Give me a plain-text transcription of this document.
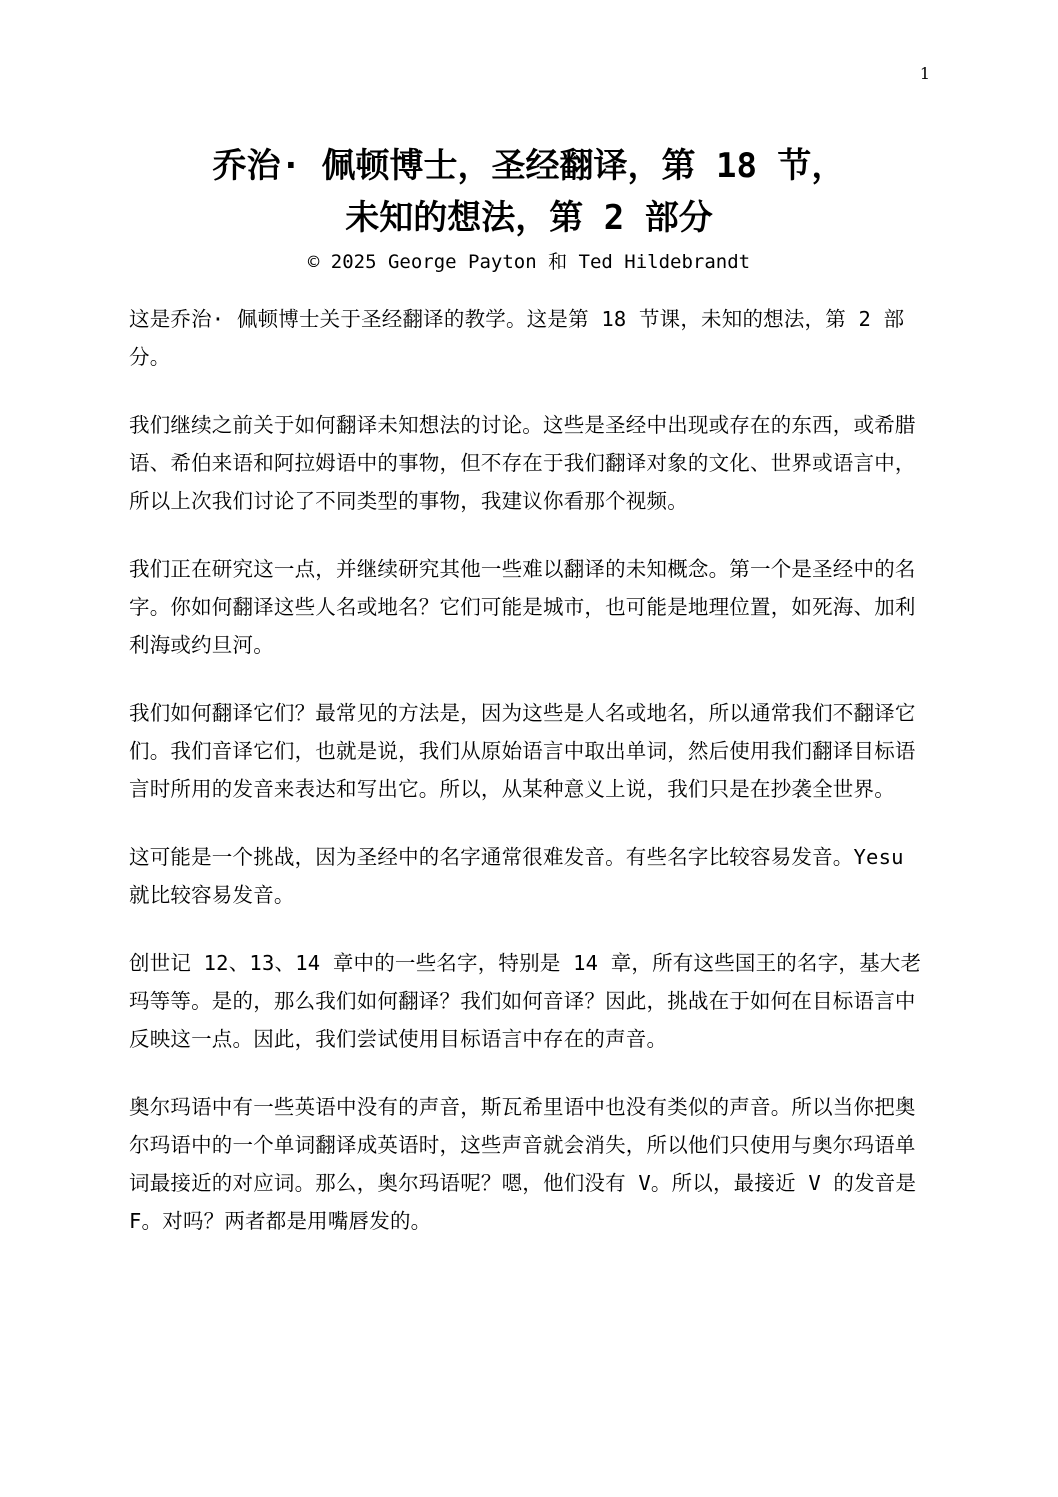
1

乔治· 佩顿博士，圣经翻译，第 18 节，

未知的想法，第 2 部分

© 2025 George Payton 和 Ted Hildebrandt

这是乔治· 佩顿博士关于圣经翻译的教学。这是第 18 节课，未知的想法，第 2 部分。

我们继续之前关于如何翻译未知想法的讨论。这些是圣经中出现或存在的东西，或希腊语、希伯来语和阿拉姆语中的事物，但不存在于我们翻译对象的文化、世界或语言中，所以上次我们讨论了不同类型的事物，我建议你看那个视频。

我们正在研究这一点，并继续研究其他一些难以翻译的未知概念。第一个是圣经中的名字。你如何翻译这些人名或地名？它们可能是城市，也可能是地理位置，如死海、加利利海或约旦河。

我们如何翻译它们？最常见的方法是，因为这些是人名或地名，所以通常我们不翻译它们。我们音译它们，也就是说，我们从原始语言中取出单词，然后使用我们翻译目标语言时所用的发音来表达和写出它。所以，从某种意义上说，我们只是在抄袭全世界。

这可能是一个挑战，因为圣经中的名字通常很难发音。有些名字比较容易发音。Yesu 就比较容易发音。

创世记 12、13、14 章中的一些名字，特别是 14 章，所有这些国王的名字，基大老玛等等。是的，那么我们如何翻译？我们如何音译？因此，挑战在于如何在目标语言中反映这一点。因此，我们尝试使用目标语言中存在的声音。

奥尔玛语中有一些英语中没有的声音，斯瓦希里语中也没有类似的声音。所以当你把奥尔玛语中的一个单词翻译成英语时，这些声音就会消失，所以他们只使用与奥尔玛语单词最接近的对应词。那么，奥尔玛语呢？嗯，他们没有 V。所以，最接近 V 的发音是 F。对吗？两者都是用嘴唇发的。
